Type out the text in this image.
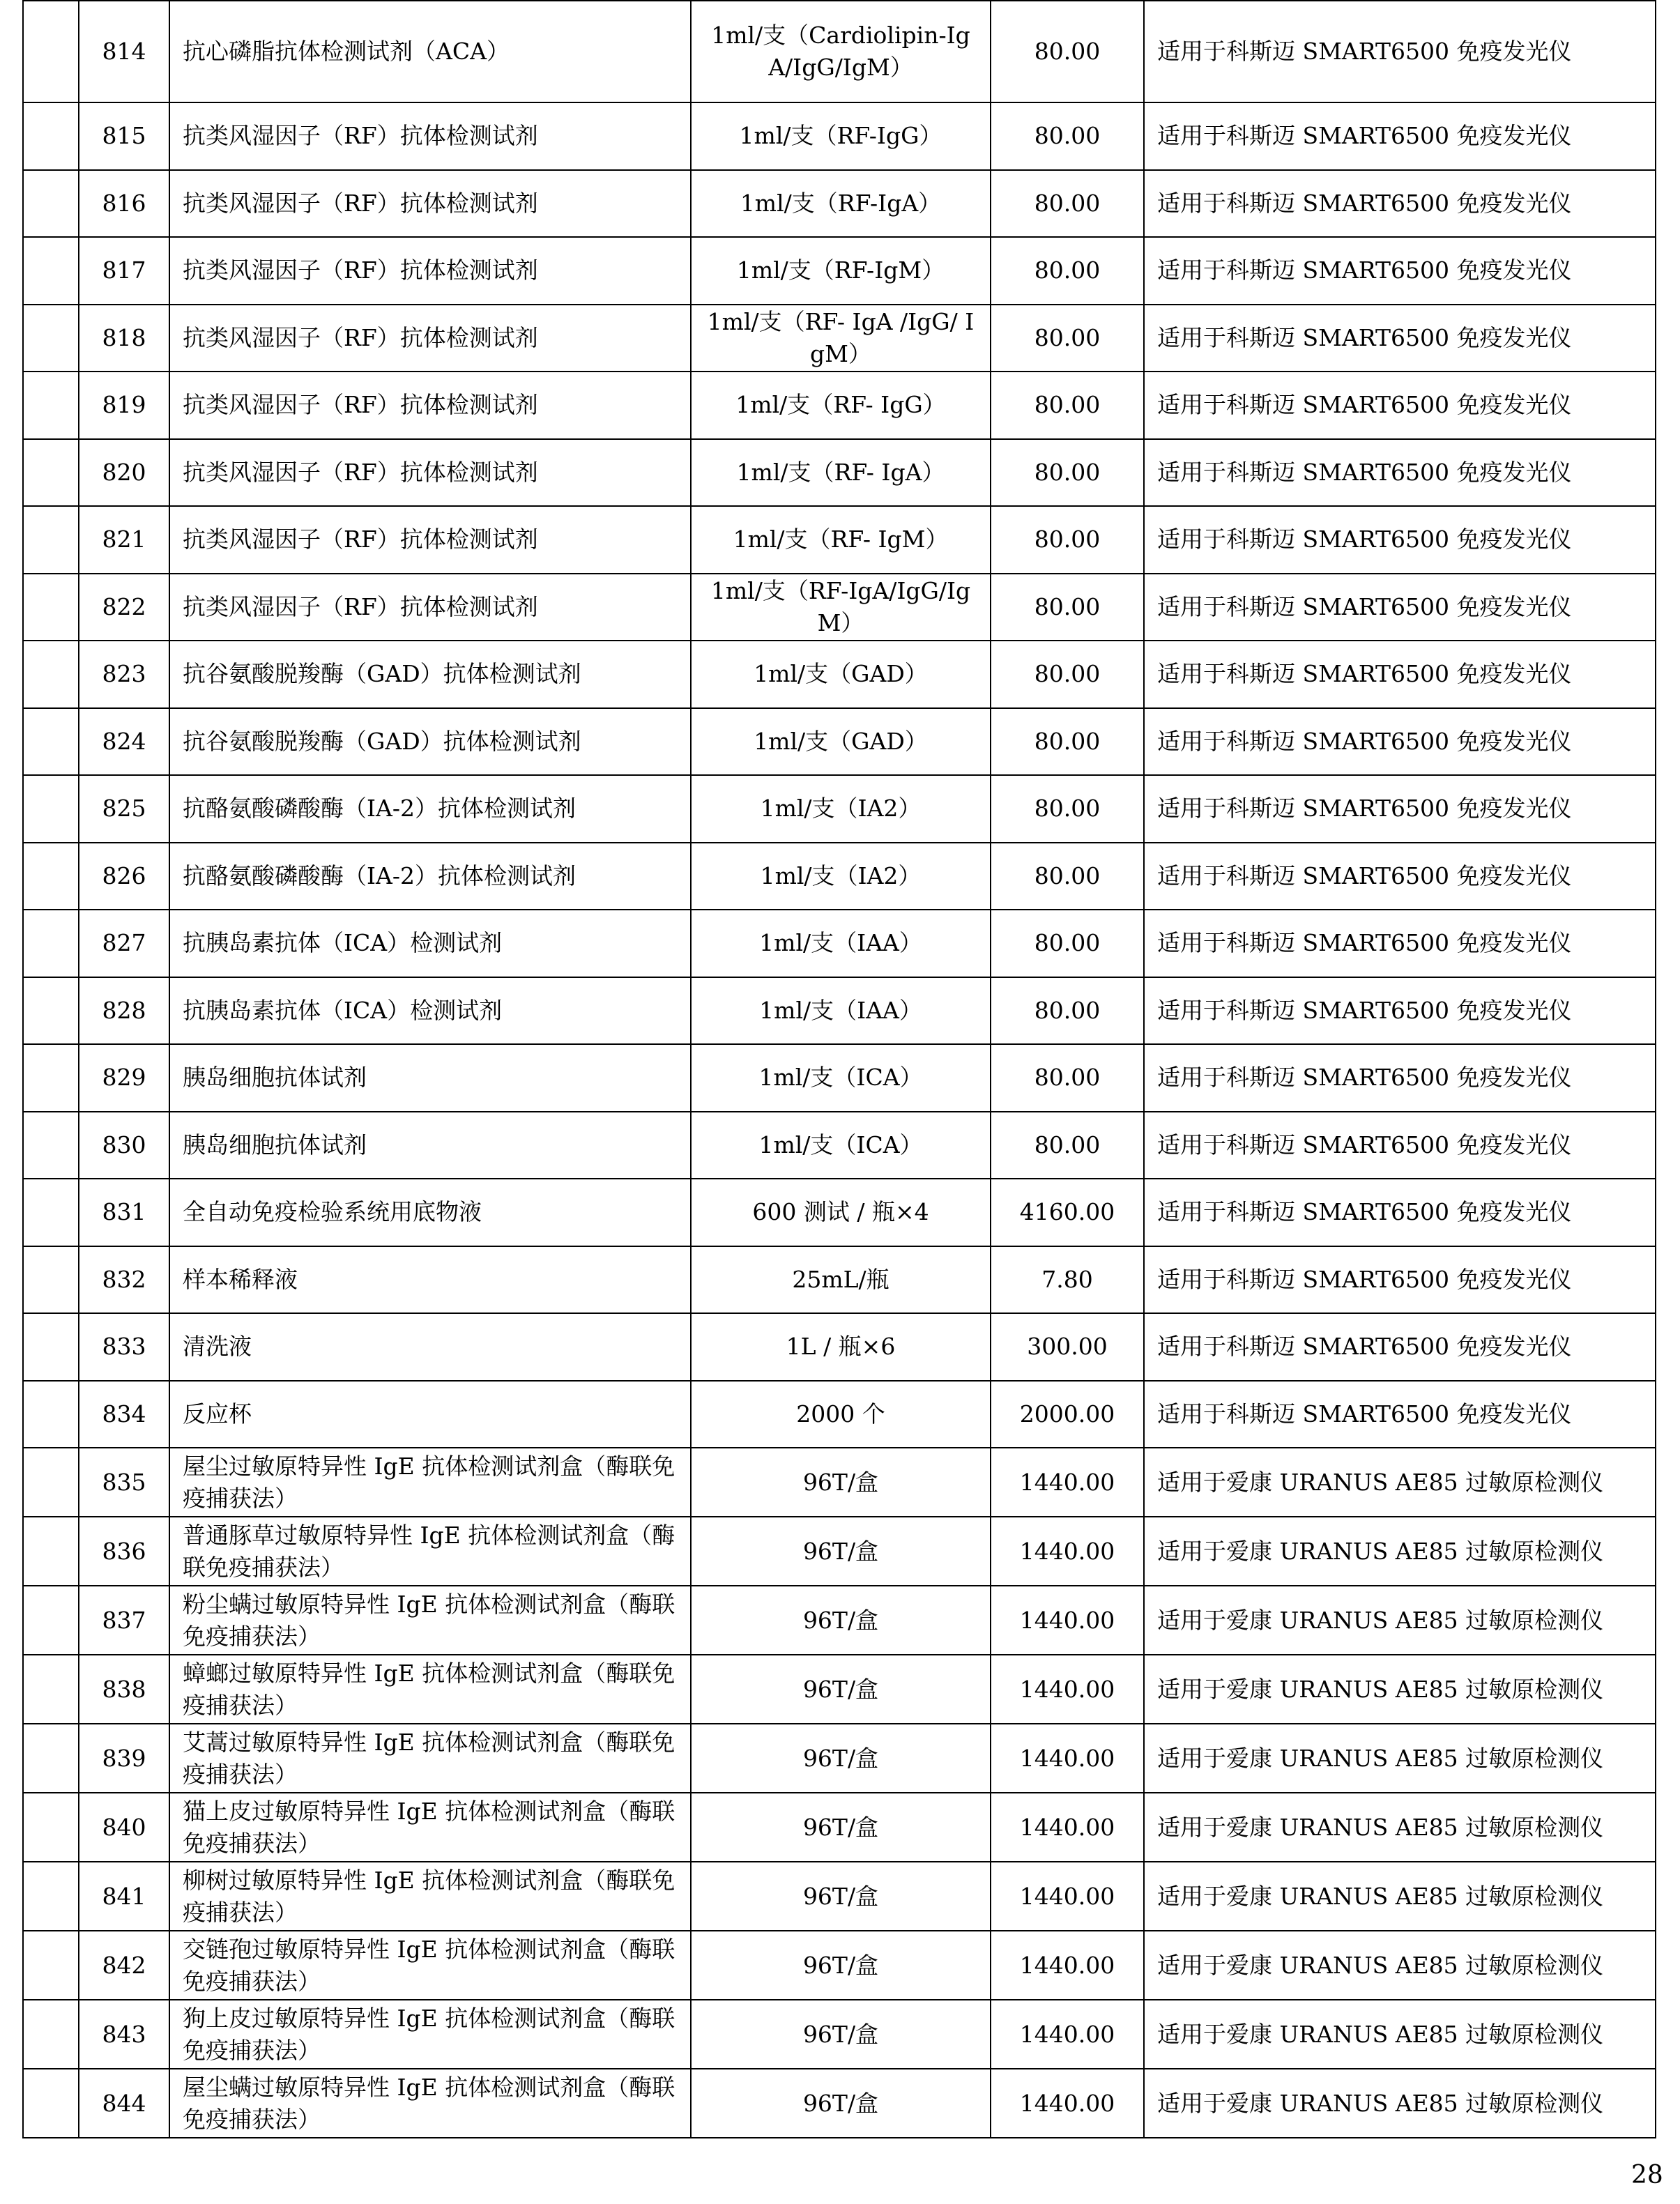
	814	抗心磷脂抗体检测试剂（ACA）	1ml/支（Cardiolipin-IgA/IgG/IgM）	80.00	适用于科斯迈 SMART6500 免疫发光仪
	815	抗类风湿因子（RF）抗体检测试剂	1ml/支（RF-IgG）	80.00	适用于科斯迈 SMART6500 免疫发光仪
	816	抗类风湿因子（RF）抗体检测试剂	1ml/支（RF-IgA）	80.00	适用于科斯迈 SMART6500 免疫发光仪
	817	抗类风湿因子（RF）抗体检测试剂	1ml/支（RF-IgM）	80.00	适用于科斯迈 SMART6500 免疫发光仪
	818	抗类风湿因子（RF）抗体检测试剂	1ml/支（RF- IgA /IgG/ IgM）	80.00	适用于科斯迈 SMART6500 免疫发光仪
	819	抗类风湿因子（RF）抗体检测试剂	1ml/支（RF- IgG）	80.00	适用于科斯迈 SMART6500 免疫发光仪
	820	抗类风湿因子（RF）抗体检测试剂	1ml/支（RF- IgA）	80.00	适用于科斯迈 SMART6500 免疫发光仪
	821	抗类风湿因子（RF）抗体检测试剂	1ml/支（RF- IgM）	80.00	适用于科斯迈 SMART6500 免疫发光仪
	822	抗类风湿因子（RF）抗体检测试剂	1ml/支（RF-IgA/IgG/IgM）	80.00	适用于科斯迈 SMART6500 免疫发光仪
	823	抗谷氨酸脱羧酶（GAD）抗体检测试剂	1ml/支（GAD）	80.00	适用于科斯迈 SMART6500 免疫发光仪
	824	抗谷氨酸脱羧酶（GAD）抗体检测试剂	1ml/支（GAD）	80.00	适用于科斯迈 SMART6500 免疫发光仪
	825	抗酪氨酸磷酸酶（IA-2）抗体检测试剂	1ml/支（IA2）	80.00	适用于科斯迈 SMART6500 免疫发光仪
	826	抗酪氨酸磷酸酶（IA-2）抗体检测试剂	1ml/支（IA2）	80.00	适用于科斯迈 SMART6500 免疫发光仪
	827	抗胰岛素抗体（ICA）检测试剂	1ml/支（IAA）	80.00	适用于科斯迈 SMART6500 免疫发光仪
	828	抗胰岛素抗体（ICA）检测试剂	1ml/支（IAA）	80.00	适用于科斯迈 SMART6500 免疫发光仪
	829	胰岛细胞抗体试剂	1ml/支（ICA）	80.00	适用于科斯迈 SMART6500 免疫发光仪
	830	胰岛细胞抗体试剂	1ml/支（ICA）	80.00	适用于科斯迈 SMART6500 免疫发光仪
	831	全自动免疫检验系统用底物液	600 测试 / 瓶×4	4160.00	适用于科斯迈 SMART6500 免疫发光仪
	832	样本稀释液	25mL/瓶	7.80	适用于科斯迈 SMART6500 免疫发光仪
	833	清洗液	1L / 瓶×6	300.00	适用于科斯迈 SMART6500 免疫发光仪
	834	反应杯	2000 个	2000.00	适用于科斯迈 SMART6500 免疫发光仪
	835	屋尘过敏原特异性 IgE 抗体检测试剂盒（酶联免疫捕获法）	96T/盒	1440.00	适用于爱康 URANUS AE85 过敏原检测仪
	836	普通豚草过敏原特异性 IgE 抗体检测试剂盒（酶联免疫捕获法）	96T/盒	1440.00	适用于爱康 URANUS AE85 过敏原检测仪
	837	粉尘螨过敏原特异性 IgE 抗体检测试剂盒（酶联免疫捕获法）	96T/盒	1440.00	适用于爱康 URANUS AE85 过敏原检测仪
	838	蟑螂过敏原特异性 IgE 抗体检测试剂盒（酶联免疫捕获法）	96T/盒	1440.00	适用于爱康 URANUS AE85 过敏原检测仪
	839	艾蒿过敏原特异性 IgE 抗体检测试剂盒（酶联免疫捕获法）	96T/盒	1440.00	适用于爱康 URANUS AE85 过敏原检测仪
	840	猫上皮过敏原特异性 IgE 抗体检测试剂盒（酶联免疫捕获法）	96T/盒	1440.00	适用于爱康 URANUS AE85 过敏原检测仪
	841	柳树过敏原特异性 IgE 抗体检测试剂盒（酶联免疫捕获法）	96T/盒	1440.00	适用于爱康 URANUS AE85 过敏原检测仪
	842	交链孢过敏原特异性 IgE 抗体检测试剂盒（酶联免疫捕获法）	96T/盒	1440.00	适用于爱康 URANUS AE85 过敏原检测仪
	843	狗上皮过敏原特异性 IgE 抗体检测试剂盒（酶联免疫捕获法）	96T/盒	1440.00	适用于爱康 URANUS AE85 过敏原检测仪
	844	屋尘螨过敏原特异性 IgE 抗体检测试剂盒（酶联免疫捕获法）	96T/盒	1440.00	适用于爱康 URANUS AE85 过敏原检测仪
28
